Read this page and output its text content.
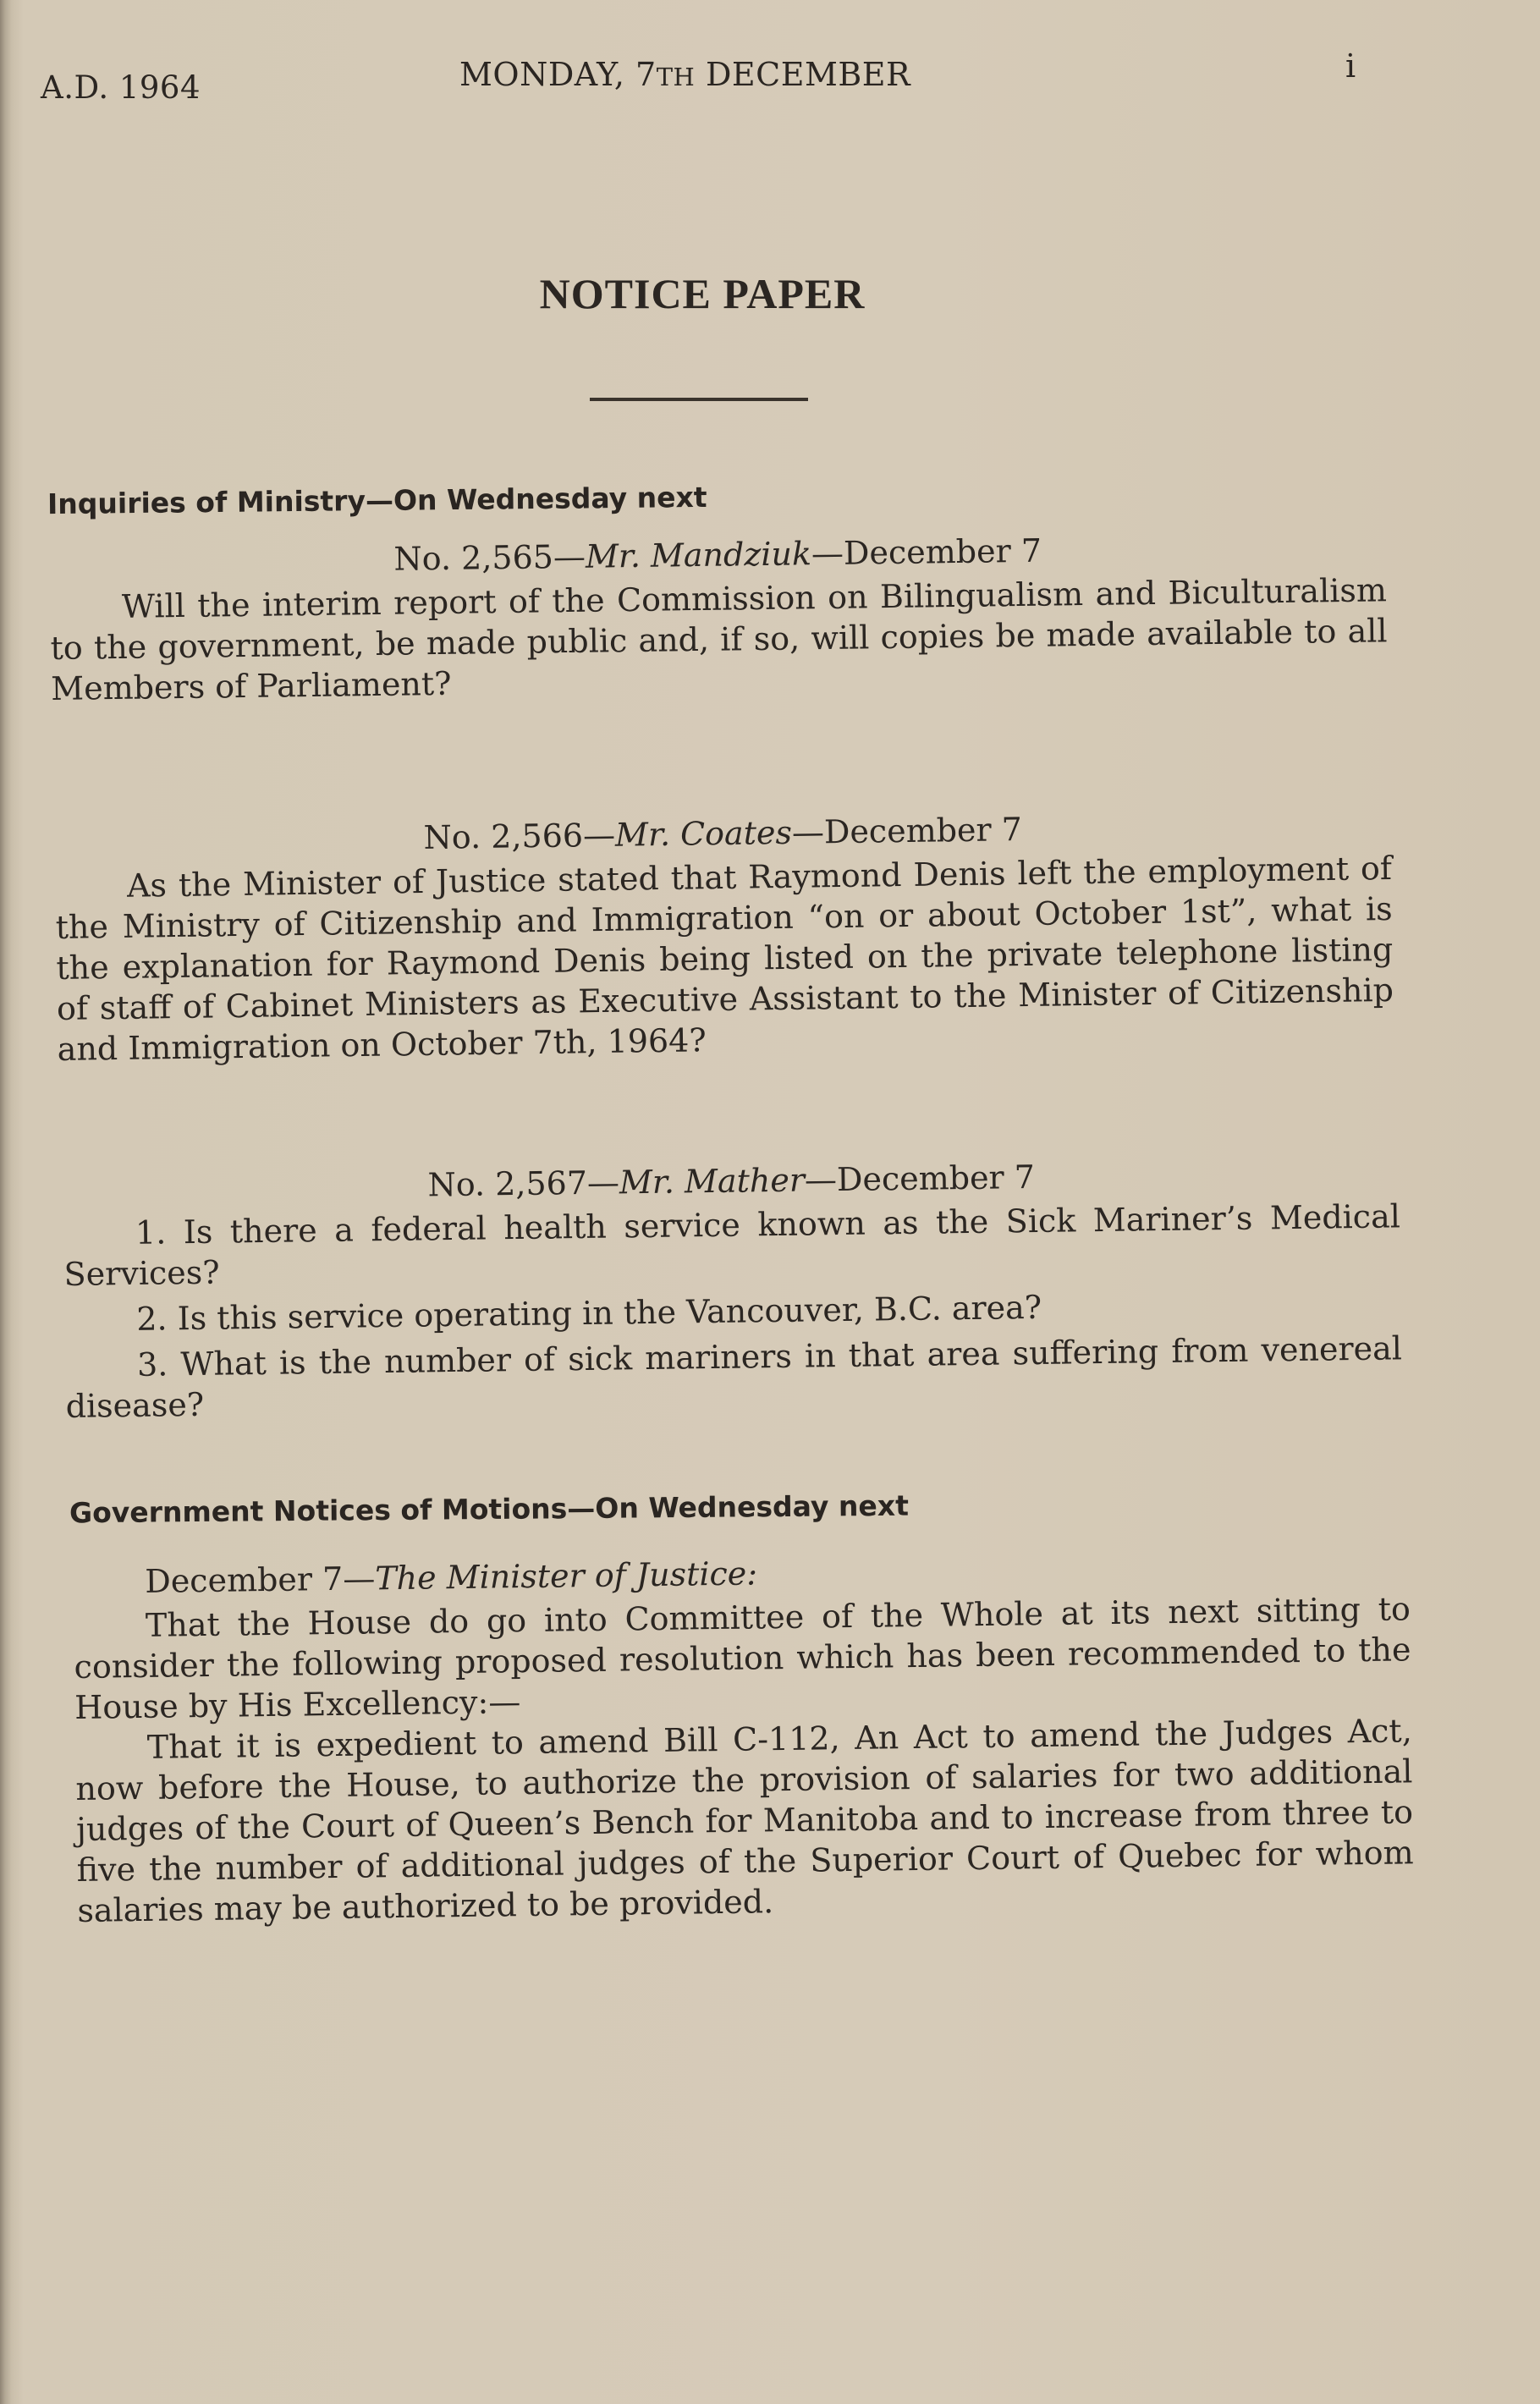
A.D. 1964	MONDAY, 7TH DECEMBER	i
NOTICE PAPER
Inquiries of Ministry—On Wednesday next
No. 2,565—Mr. Mandziuk—December 7

Will the interim report of the Commission on Bilingualism and Biculturalism to the government, be made public and, if so, will copies be made available to all Members of Parliament?

No. 2,566—Mr. Coates—December 7

As the Minister of Justice stated that Raymond Denis left the employment of the Ministry of Citizenship and Immigration “on or about October 1st”, what is the explanation for Raymond Denis being listed on the private telephone listing of staff of Cabinet Ministers as Executive Assistant to the Minister of Citizenship and Immigration on October 7th, 1964?

No. 2,567—Mr. Mather—December 7

1. Is there a federal health service known as the Sick Mariner’s Medical Services?

2. Is this service operating in the Vancouver, B.C. area?

3. What is the number of sick mariners in that area suffering from venereal disease?

Government Notices of Motions—On Wednesday next

December 7—The Minister of Justice:

That the House do go into Committee of the Whole at its next sitting to consider the following proposed resolution which has been recommended to the House by His Excellency:—

That it is expedient to amend Bill C-112, An Act to amend the Judges Act, now before the House, to authorize the provision of salaries for two additional judges of the Court of Queen’s Bench for Manitoba and to increase from three to five the number of additional judges of the Superior Court of Quebec for whom salaries may be authorized to be provided.
